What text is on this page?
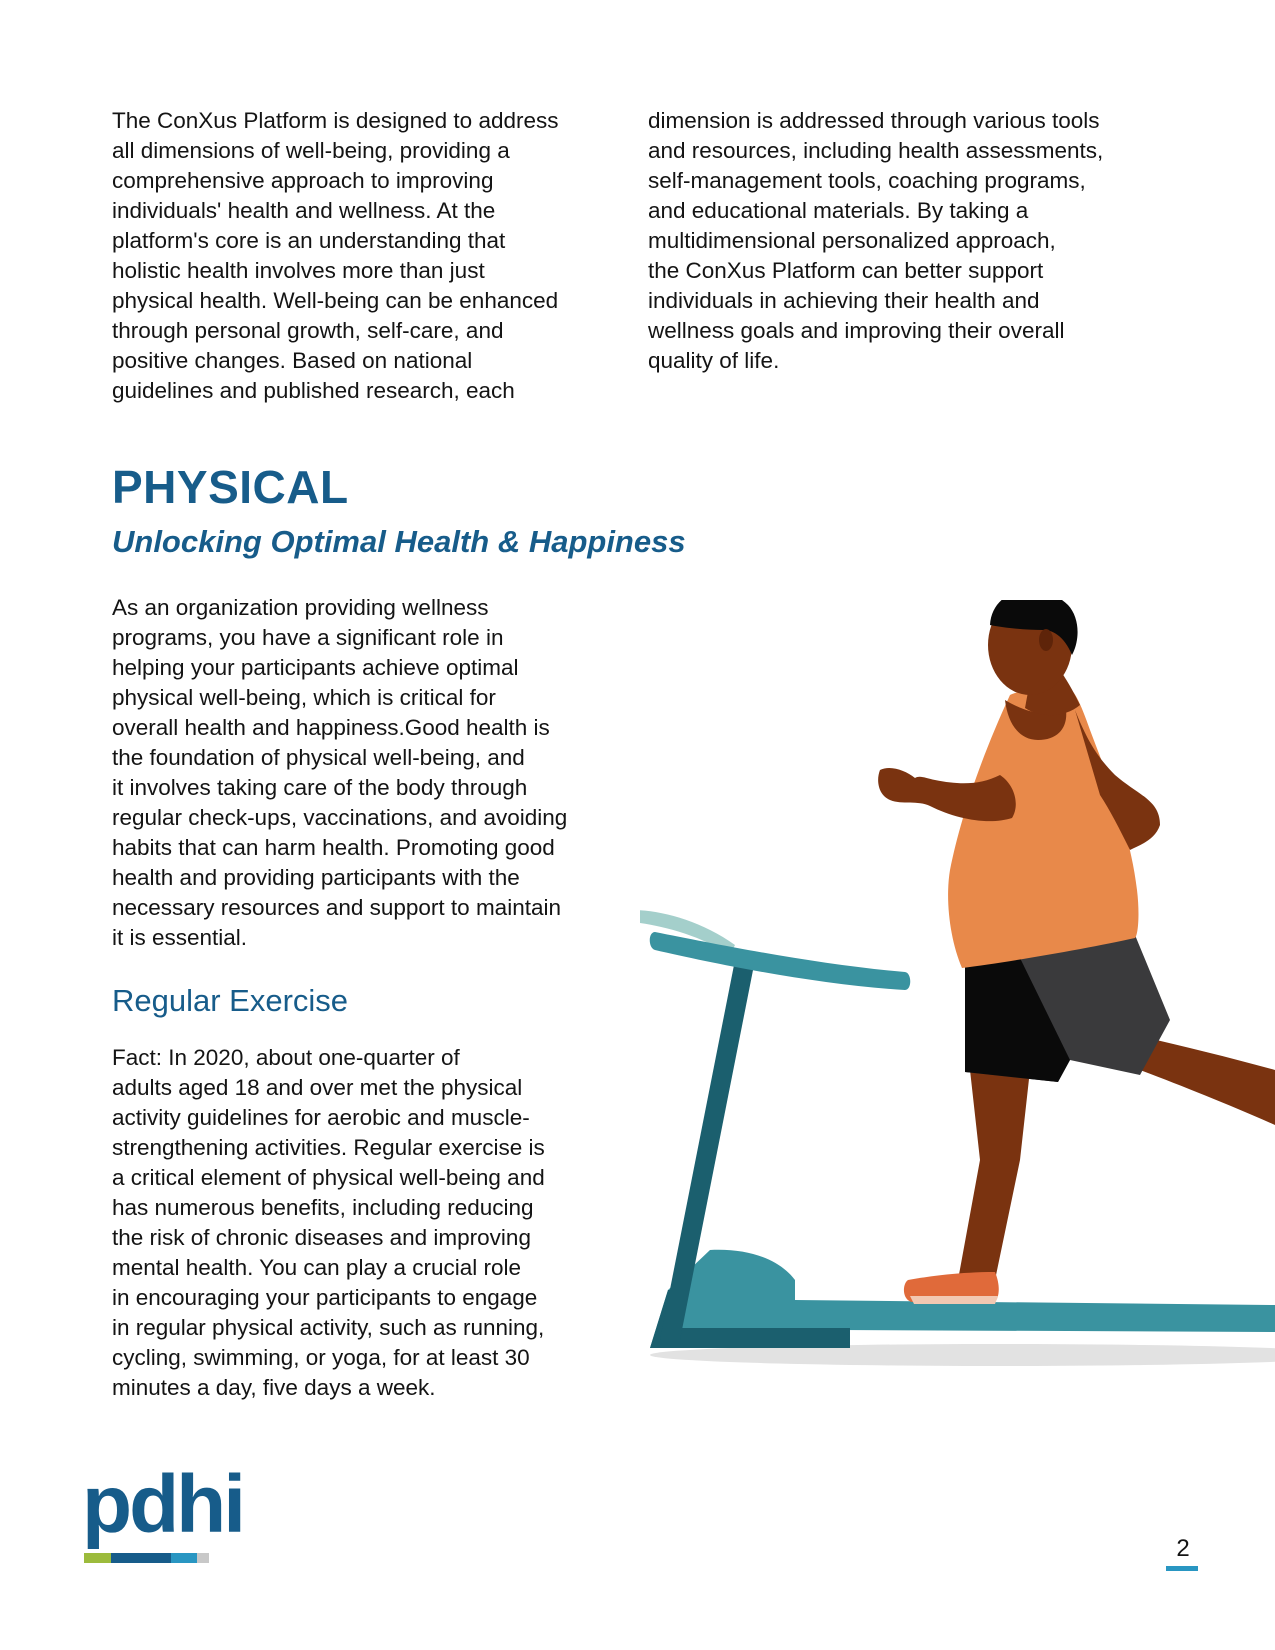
The ConXus Platform is designed to address
all dimensions of well-being, providing a
comprehensive approach to improving
individuals' health and wellness. At the
platform's core is an understanding that
holistic health involves more than just
physical health. Well-being can be enhanced
through personal growth, self-care, and
positive changes. Based on national
guidelines and published research, each

dimension is addressed through various tools
and resources, including health assessments,
self-management tools, coaching programs,
and educational materials. By taking a
multidimensional personalized approach,
the ConXus Platform can better support
individuals in achieving their health and
wellness goals and improving their overall
quality of life.

PHYSICAL
Unlocking Optimal Health & Happiness

As an organization providing wellness
programs, you have a significant role in
helping your participants achieve optimal
physical well-being, which is critical for
overall health and happiness.Good health is
the foundation of physical well-being, and
it involves taking care of the body through
regular check-ups, vaccinations, and avoiding
habits that can harm health. Promoting good
health and providing participants with the
necessary resources and support to maintain
it is essential.

Regular Exercise

Fact: In 2020, about one-quarter of
adults aged 18 and over met the physical
activity guidelines for aerobic and muscle-
strengthening activities. Regular exercise is
a critical element of physical well-being and
has numerous benefits, including reducing
the risk of chronic diseases and improving
mental health. You can play a crucial role
in encouraging your participants to engage
in regular physical activity, such as running,
cycling, swimming, or yoga, for at least 30
minutes a day, five days a week.

pdhi	2
